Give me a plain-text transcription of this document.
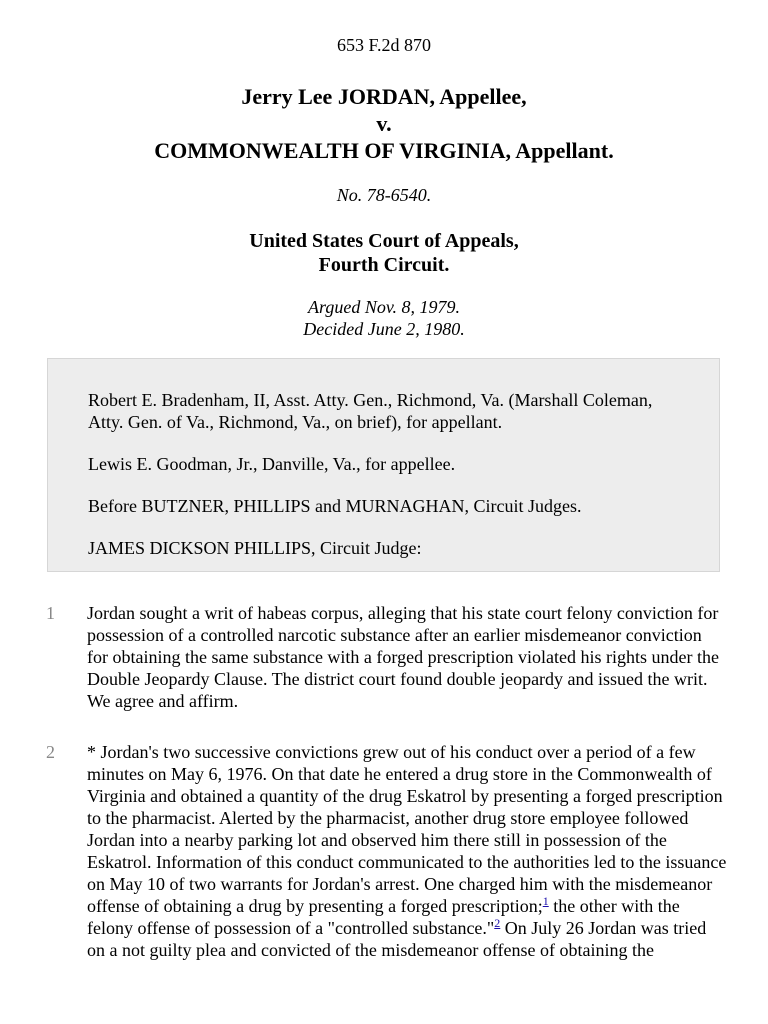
653 F.2d 870
Jerry Lee JORDAN, Appellee,
v.
COMMONWEALTH OF VIRGINIA, Appellant.
No. 78-6540.
United States Court of Appeals,
Fourth Circuit.
Argued Nov. 8, 1979.
Decided June 2, 1980.

Robert E. Bradenham, II, Asst. Atty. Gen., Richmond, Va. (Marshall Coleman, Atty. Gen. of Va., Richmond, Va., on brief), for appellant.

Lewis E. Goodman, Jr., Danville, Va., for appellee.

Before BUTZNER, PHILLIPS and MURNAGHAN, Circuit Judges.

JAMES DICKSON PHILLIPS, Circuit Judge:

1 Jordan sought a writ of habeas corpus, alleging that his state court felony conviction for possession of a controlled narcotic substance after an earlier misdemeanor conviction for obtaining the same substance with a forged prescription violated his rights under the Double Jeopardy Clause. The district court found double jeopardy and issued the writ. We agree and affirm.
2 * Jordan's two successive convictions grew out of his conduct over a period of a few minutes on May 6, 1976. On that date he entered a drug store in the Commonwealth of Virginia and obtained a quantity of the drug Eskatrol by presenting a forged prescription to the pharmacist. Alerted by the pharmacist, another drug store employee followed Jordan into a nearby parking lot and observed him there still in possession of the Eskatrol. Information of this conduct communicated to the authorities led to the issuance on May 10 of two warrants for Jordan's arrest. One charged him with the misdemeanor offense of obtaining a drug by presenting a forged prescription;$^1$ the other with the felony offense of possession of a "controlled substance."$^2$ On July 26 Jordan was tried on a not guilty plea and convicted of the misdemeanor offense of obtaining the
